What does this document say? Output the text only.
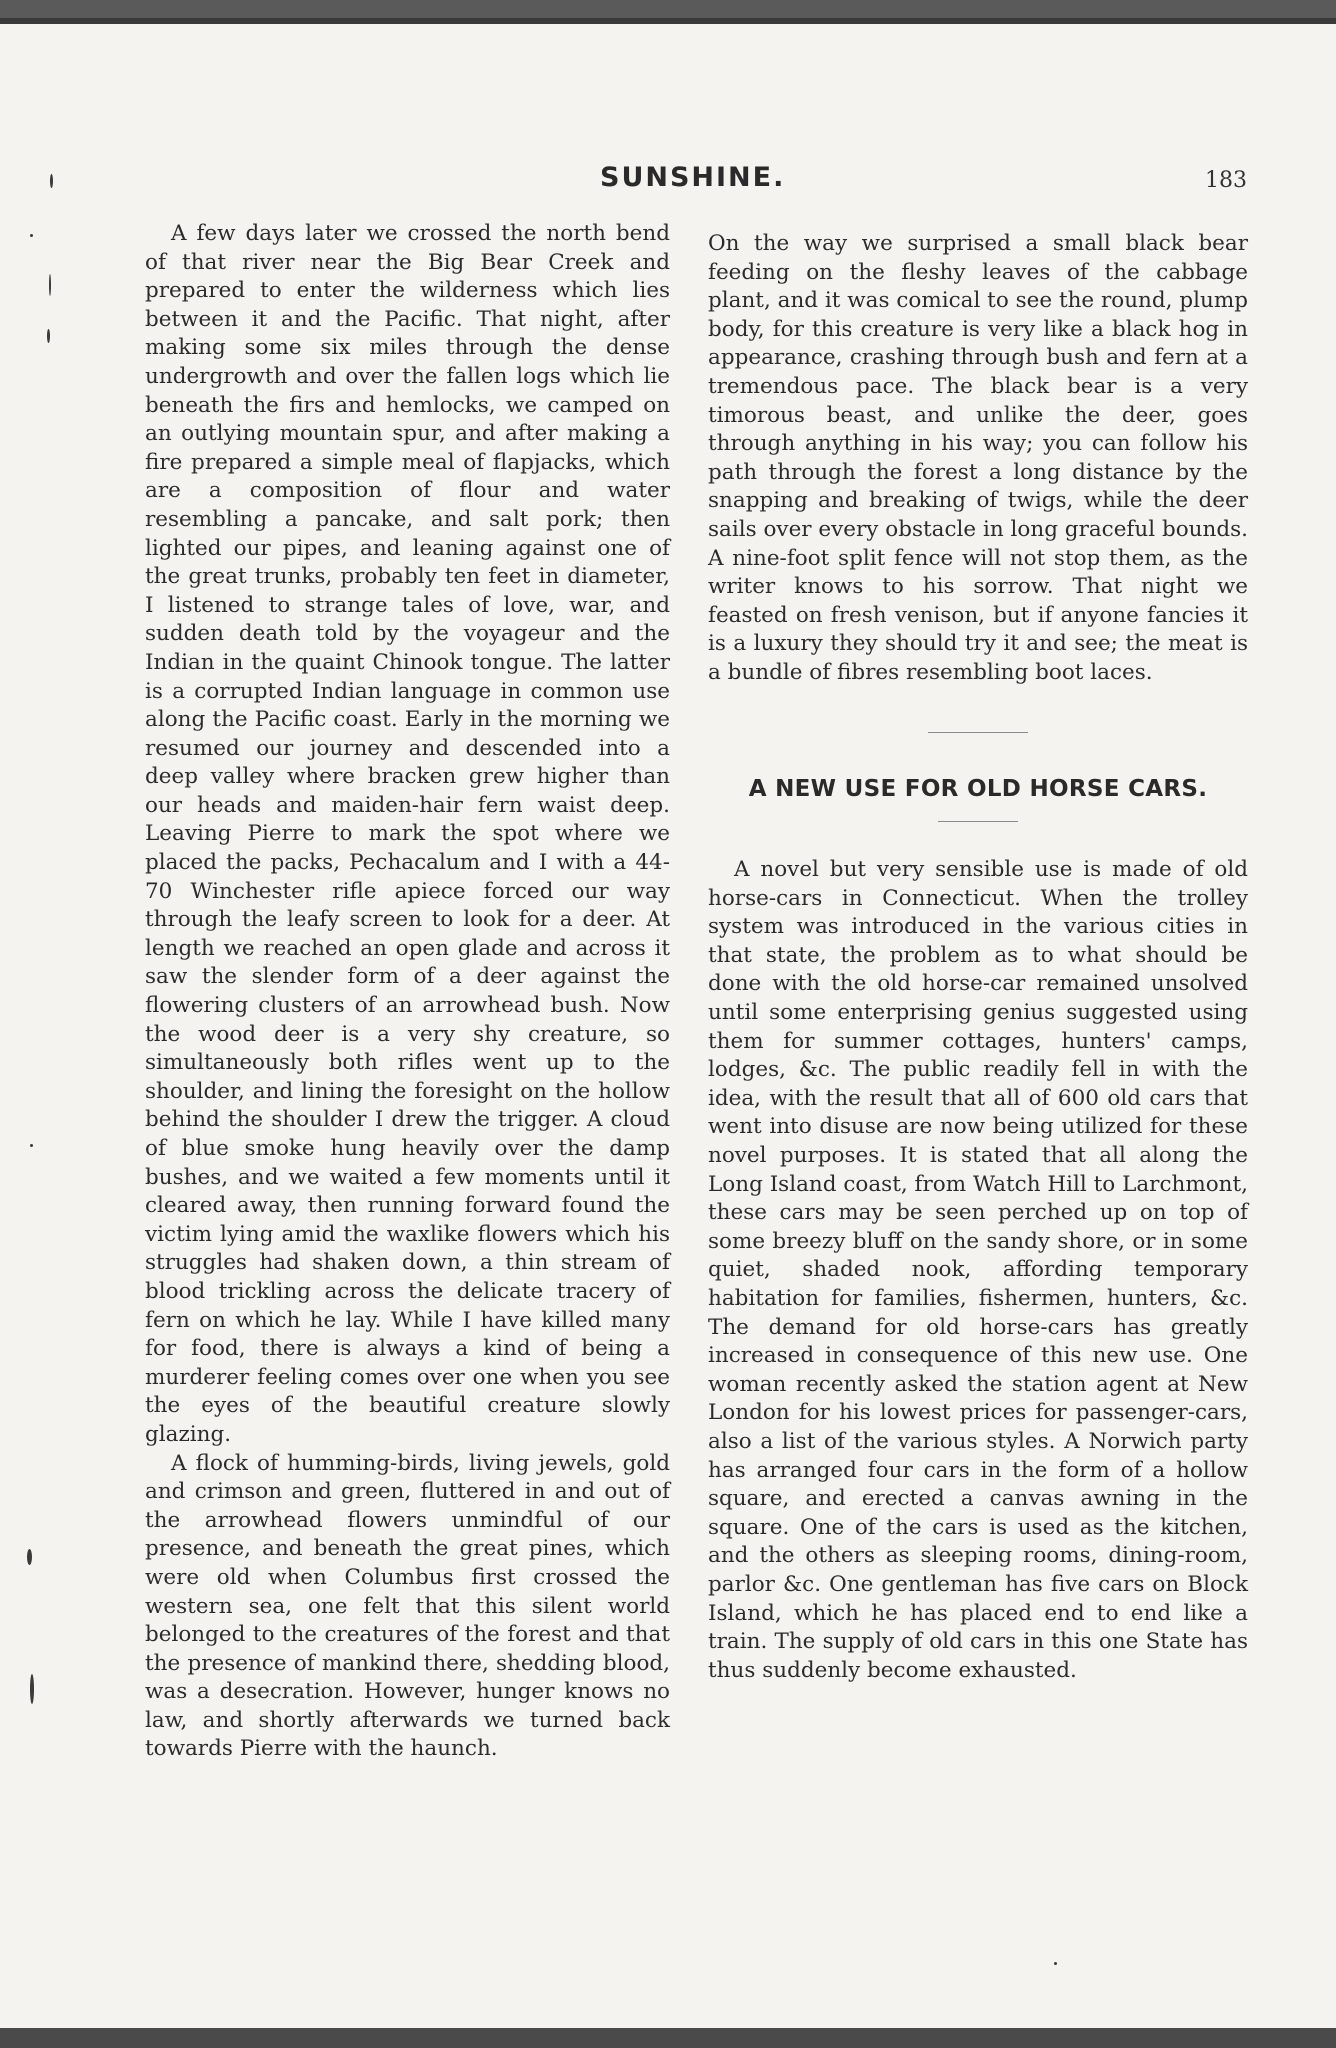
SUNSHINE.	183

A few days later we crossed the north bend of that river near the Big Bear Creek and prepared to enter the wilderness which lies between it and the Pacific. That night, after making some six miles through the dense undergrowth and over the fallen logs which lie beneath the firs and hemlocks, we camped on an outlying mountain spur, and after making a fire prepared a simple meal of flapjacks, which are a composition of flour and water resembling a pancake, and salt pork; then lighted our pipes, and leaning against one of the great trunks, probably ten feet in diameter, I listened to strange tales of love, war, and sudden death told by the voyageur and the Indian in the quaint Chinook tongue. The latter is a corrupted Indian language in common use along the Pacific coast. Early in the morning we resumed our journey and descended into a deep valley where bracken grew higher than our heads and maiden-hair fern waist deep. Leaving Pierre to mark the spot where we placed the packs, Pechacalum and I with a 44-70 Winchester rifle apiece forced our way through the leafy screen to look for a deer. At length we reached an open glade and across it saw the slender form of a deer against the flowering clusters of an arrowhead bush. Now the wood deer is a very shy creature, so simultaneously both rifles went up to the shoulder, and lining the foresight on the hollow behind the shoulder I drew the trigger. A cloud of blue smoke hung heavily over the damp bushes, and we waited a few moments until it cleared away, then running forward found the victim lying amid the waxlike flowers which his struggles had shaken down, a thin stream of blood trickling across the delicate tracery of fern on which he lay. While I have killed many for food, there is always a kind of being a murderer feeling comes over one when you see the eyes of the beautiful creature slowly glazing.

A flock of humming-birds, living jewels, gold and crimson and green, fluttered in and out of the arrowhead flowers unmindful of our presence, and beneath the great pines, which were old when Columbus first crossed the western sea, one felt that this silent world belonged to the creatures of the forest and that the presence of mankind there, shedding blood, was a desecration. However, hunger knows no law, and shortly afterwards we turned back towards Pierre with the haunch.

On the way we surprised a small black bear feeding on the fleshy leaves of the cabbage plant, and it was comical to see the round, plump body, for this creature is very like a black hog in appearance, crashing through bush and fern at a tremendous pace. The black bear is a very timorous beast, and unlike the deer, goes through anything in his way; you can follow his path through the forest a long distance by the snapping and breaking of twigs, while the deer sails over every obstacle in long graceful bounds. A nine-foot split fence will not stop them, as the writer knows to his sorrow. That night we feasted on fresh venison, but if anyone fancies it is a luxury they should try it and see; the meat is a bundle of fibres resembling boot laces.

A NEW USE FOR OLD HORSE CARS.

A novel but very sensible use is made of old horse-cars in Connecticut. When the trolley system was introduced in the various cities in that state, the problem as to what should be done with the old horse-car remained unsolved until some enterprising genius suggested using them for summer cottages, hunters' camps, lodges, &c. The public readily fell in with the idea, with the result that all of 600 old cars that went into disuse are now being utilized for these novel purposes. It is stated that all along the Long Island coast, from Watch Hill to Larchmont, these cars may be seen perched up on top of some breezy bluff on the sandy shore, or in some quiet, shaded nook, affording temporary habitation for families, fishermen, hunters, &c. The demand for old horse-cars has greatly increased in consequence of this new use. One woman recently asked the station agent at New London for his lowest prices for passenger-cars, also a list of the various styles. A Norwich party has arranged four cars in the form of a hollow square, and erected a canvas awning in the square. One of the cars is used as the kitchen, and the others as sleeping rooms, dining-room, parlor &c. One gentleman has five cars on Block Island, which he has placed end to end like a train. The supply of old cars in this one State has thus suddenly become exhausted.
